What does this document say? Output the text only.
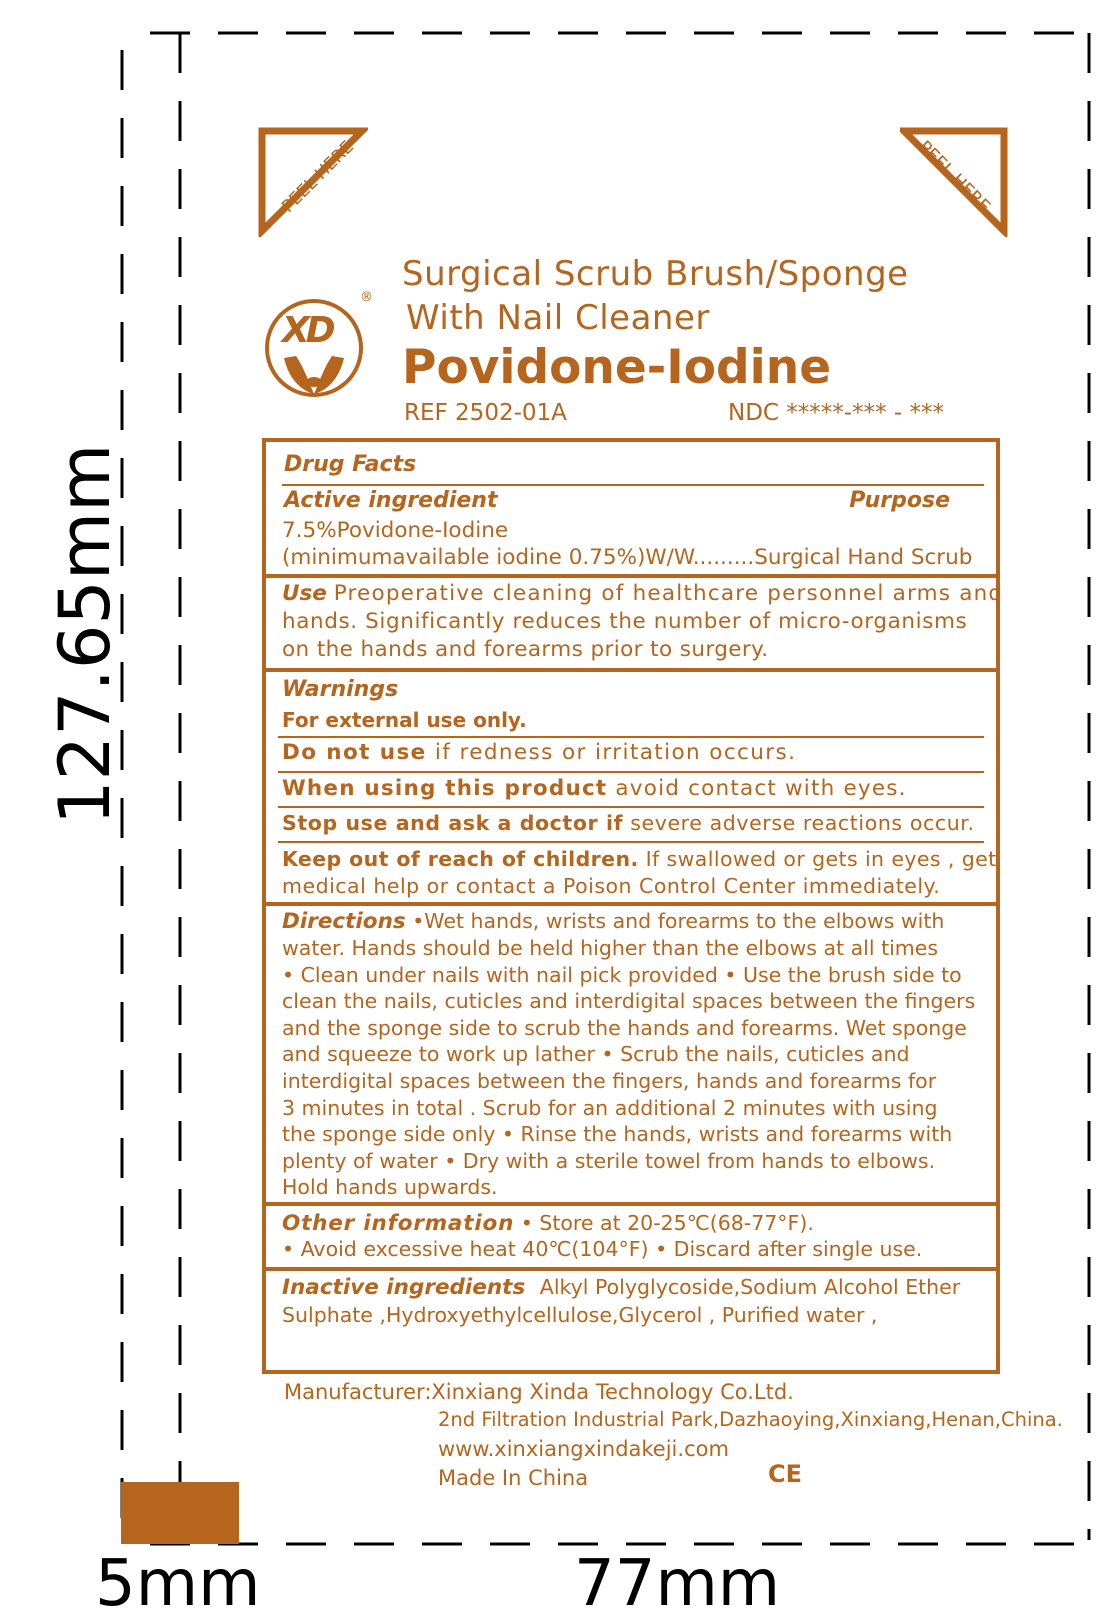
127.65mm
5mm	77mm
PEEL HERE	PEEL HERE
XD
®
Surgical Scrub Brush/Sponge
With Nail Cleaner
Povidone-Iodine
REF 2502-01A	NDC *****-*** - ***
Drug Facts
Active ingredient	Purpose
7.5%Povidone-Iodine
(minimumavailable iodine 0.75%)W/W.........Surgical Hand Scrub
Use Preoperative cleaning of healthcare personnel arms and
hands. Significantly reduces the number of micro-organisms
on the hands and forearms prior to surgery.
Warnings
For external use only.
Do not use if redness or irritation occurs.
When using this product avoid contact with eyes.
Stop use and ask a doctor if severe adverse reactions occur.
Keep out of reach of children. If swallowed or gets in eyes , get
medical help or contact a Poison Control Center immediately.
Directions •Wet hands, wrists and forearms to the elbows with
water. Hands should be held higher than the elbows at all times
• Clean under nails with nail pick provided • Use the brush side to
clean the nails, cuticles and interdigital spaces between the fingers
and the sponge side to scrub the hands and forearms. Wet sponge
and squeeze to work up lather • Scrub the nails, cuticles and
interdigital spaces between the fingers, hands and forearms for
3 minutes in total . Scrub for an additional 2 minutes with using
the sponge side only • Rinse the hands, wrists and forearms with
plenty of water • Dry with a sterile towel from hands to elbows.
Hold hands upwards.
Other information • Store at 20-25℃(68-77°F).
• Avoid excessive heat 40℃(104°F) • Discard after single use.
Inactive ingredients Alkyl Polyglycoside,Sodium Alcohol Ether
Sulphate ,Hydroxyethylcellulose,Glycerol , Purified water ,
Manufacturer:Xinxiang Xinda Technology Co.Ltd.
2nd Filtration Industrial Park,Dazhaoying,Xinxiang,Henan,China.
www.xinxiangxindakeji.com
Made In China	CE
